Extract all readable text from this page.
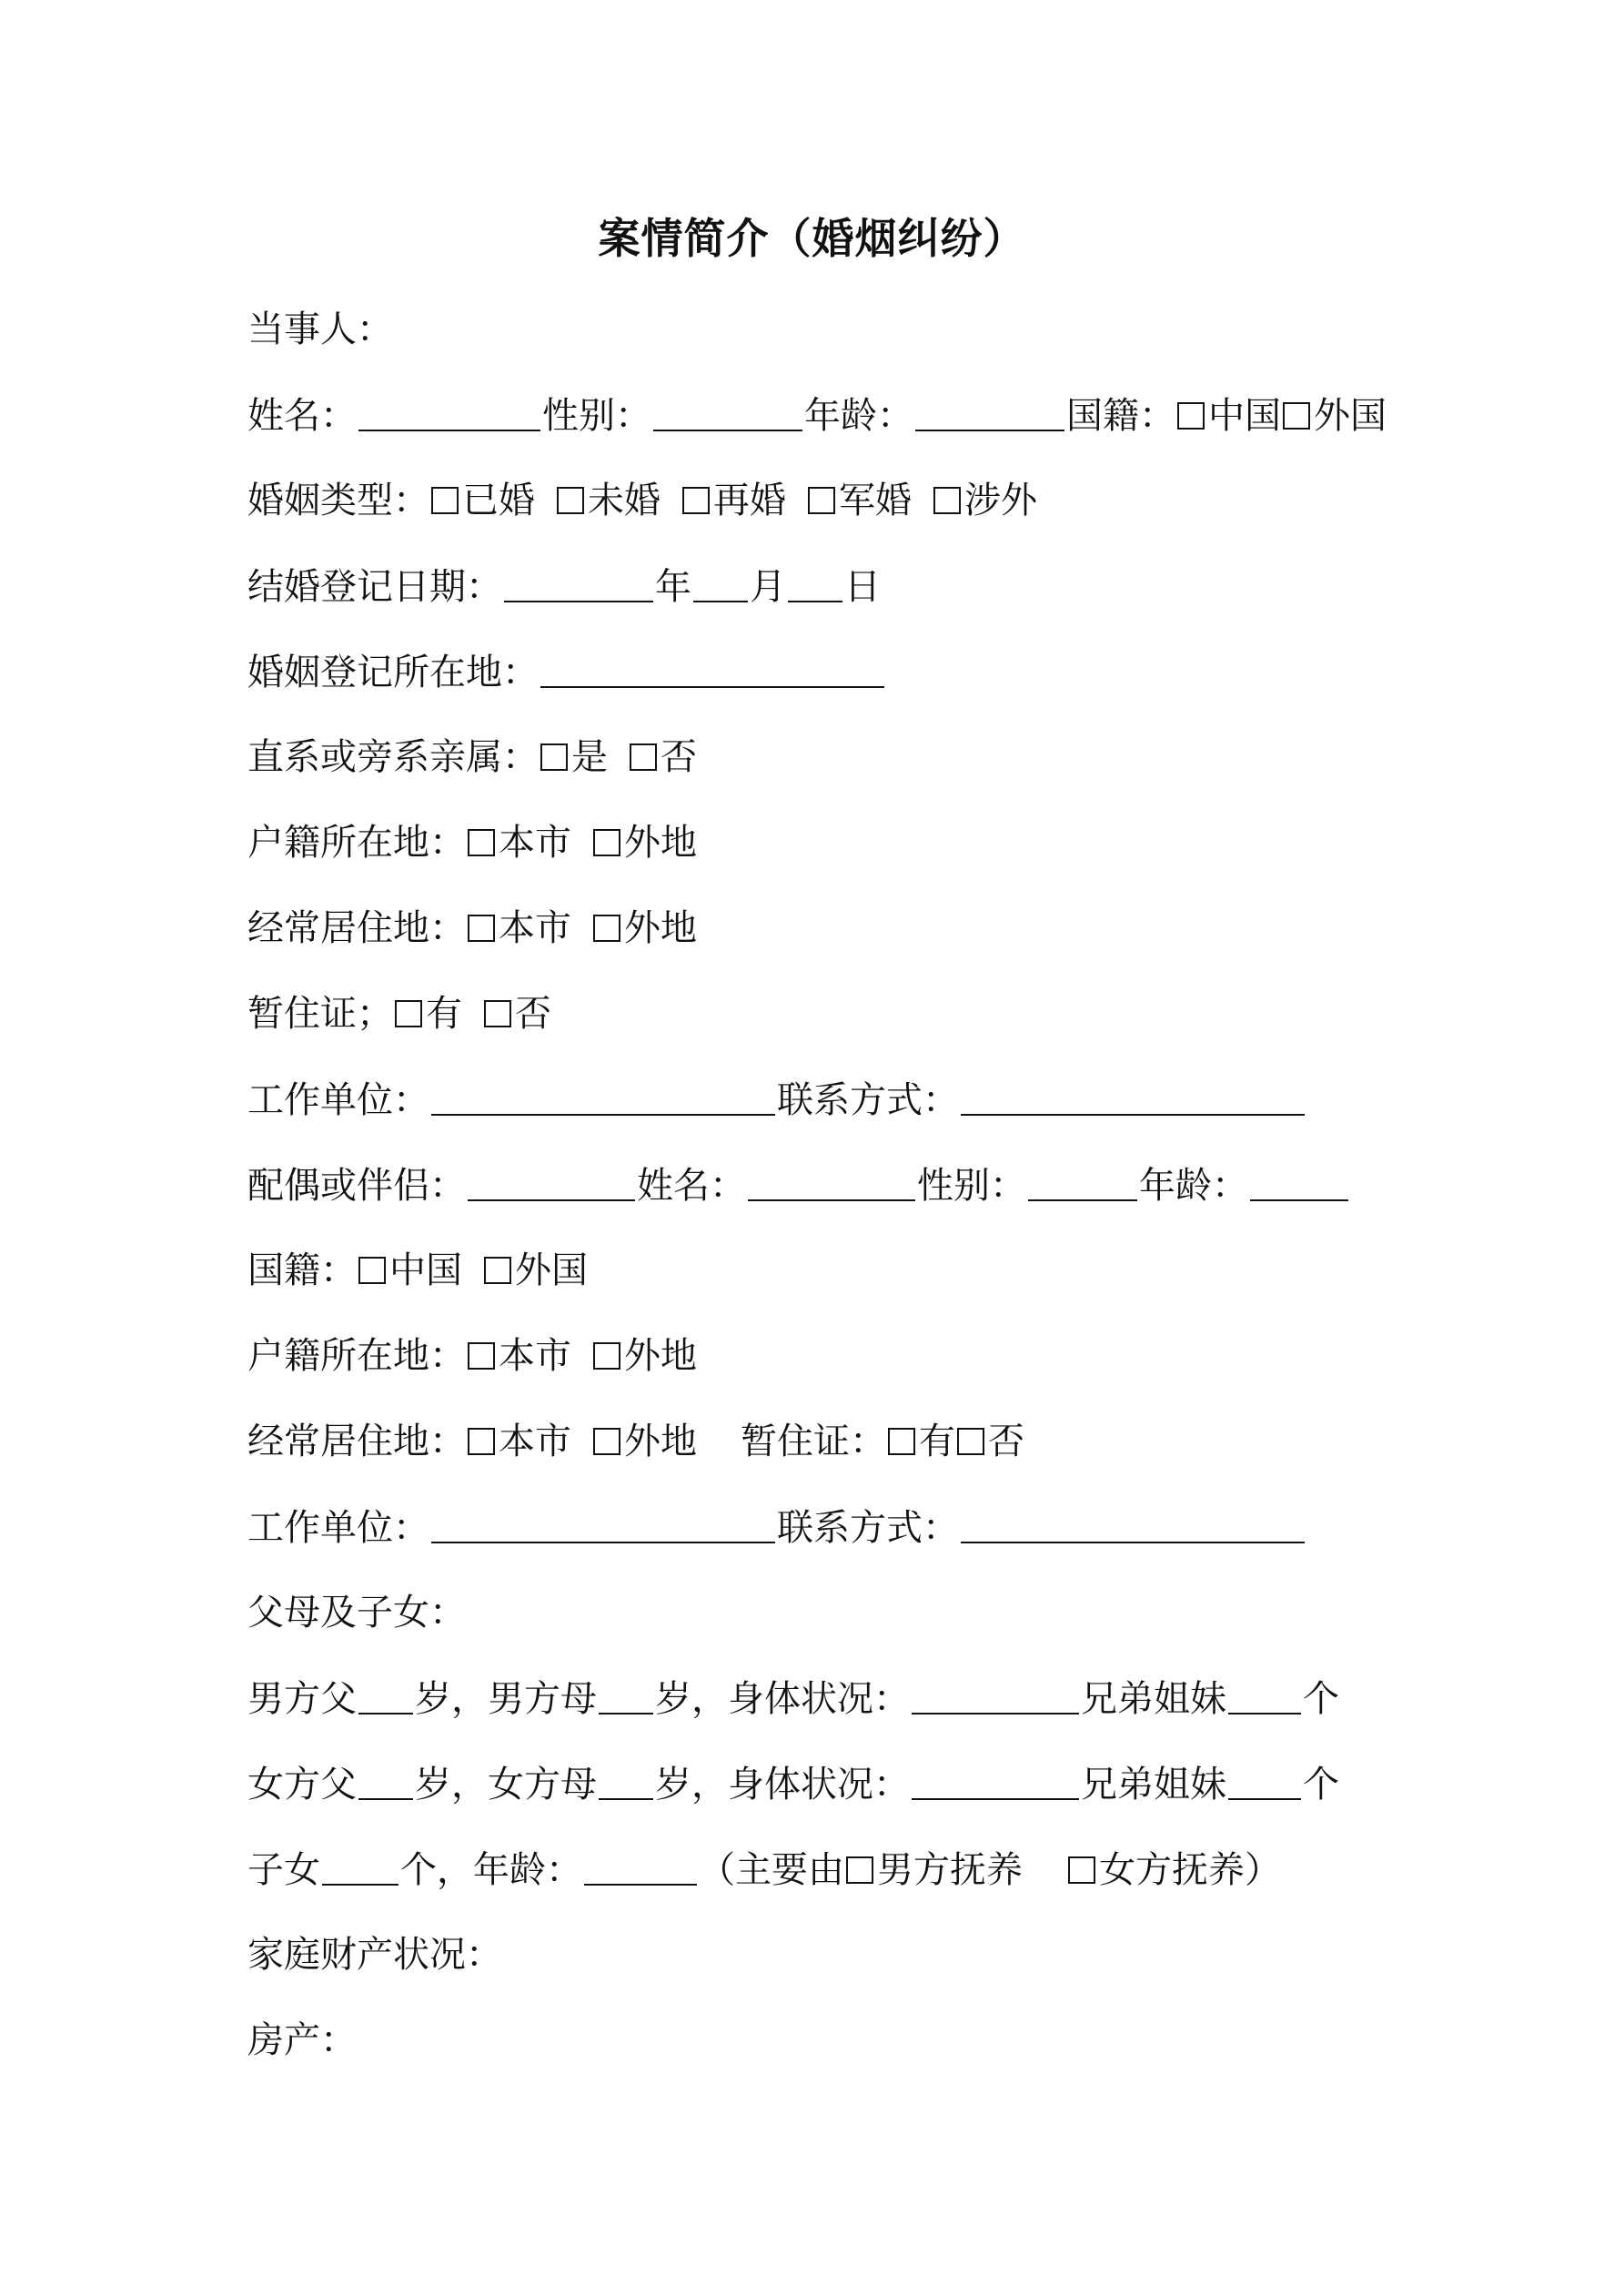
案情简介（婚烟纠纷）
当事人：
姓名：	性别：	年龄：	国籍： 中国 外国
婚姻类型： 已婚 未婚 再婚 军婚 涉外
结婚登记日期：	年 月 日
婚姻登记所在地：
直系或旁系亲属： 是 否
户籍所在地： 本市 外地
经常居住地： 本市 外地
暂住证； 有 否
工作单位：	联系方式：
配偶或伴侣：	姓名：	性别：	年龄：
国籍： 中国 外国
户籍所在地： 本市 外地
经常居住地： 本市 外地 暂住证： 有 否
工作单位：	联系方式：
父母及子女：
男方父 岁， 男方母 岁， 身体状况：	兄弟姐妹 个
女方父 岁， 女方母 岁， 身体状况：	兄弟姐妹 个
子女 个， 年龄：	（主要由 男方抚养 女方抚养 ）
家庭财产状况：
房产：
